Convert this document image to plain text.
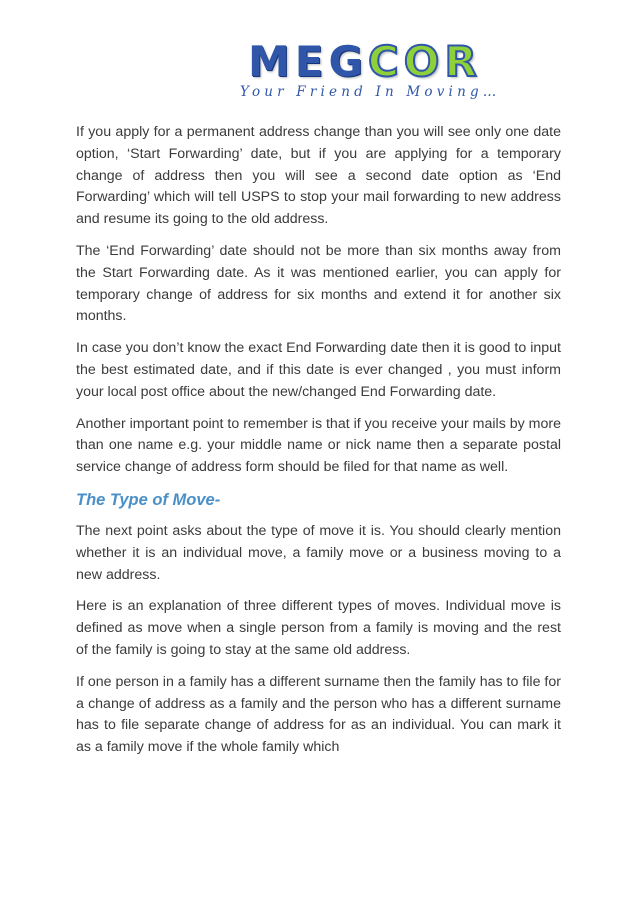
MEGCOR
Your Friend In Moving…

If you apply for a permanent address change than you will see only one date option, ‘Start Forwarding’ date, but if you are applying for a temporary change of address then you will see a second date option as ‘End Forwarding’ which will tell USPS to stop your mail forwarding to new address and resume its going to the old address.

The ‘End Forwarding’ date should not be more than six months away from the Start Forwarding date. As it was mentioned earlier, you can apply for temporary change of address for six months and extend it for another six months.

In case you don’t know the exact End Forwarding date then it is good to input the best estimated date, and if this date is ever changed , you must inform your local post office about the new/changed End Forwarding date.

Another important point to remember is that if you receive your mails by more than one name e.g. your middle name or nick name then a separate postal service change of address form should be filed for that name as well.

The Type of Move-

The next point asks about the type of move it is. You should clearly mention whether it is an individual move, a family move or a business moving to a new address.

Here is an explanation of three different types of moves. Individual move is defined as move when a single person from a family is moving and the rest of the family is going to stay at the same old address.

If one person in a family has a different surname then the family has to file for a change of address as a family and the person who has a different surname has to file separate change of address for as an individual. You can mark it as a family move if the whole family which
